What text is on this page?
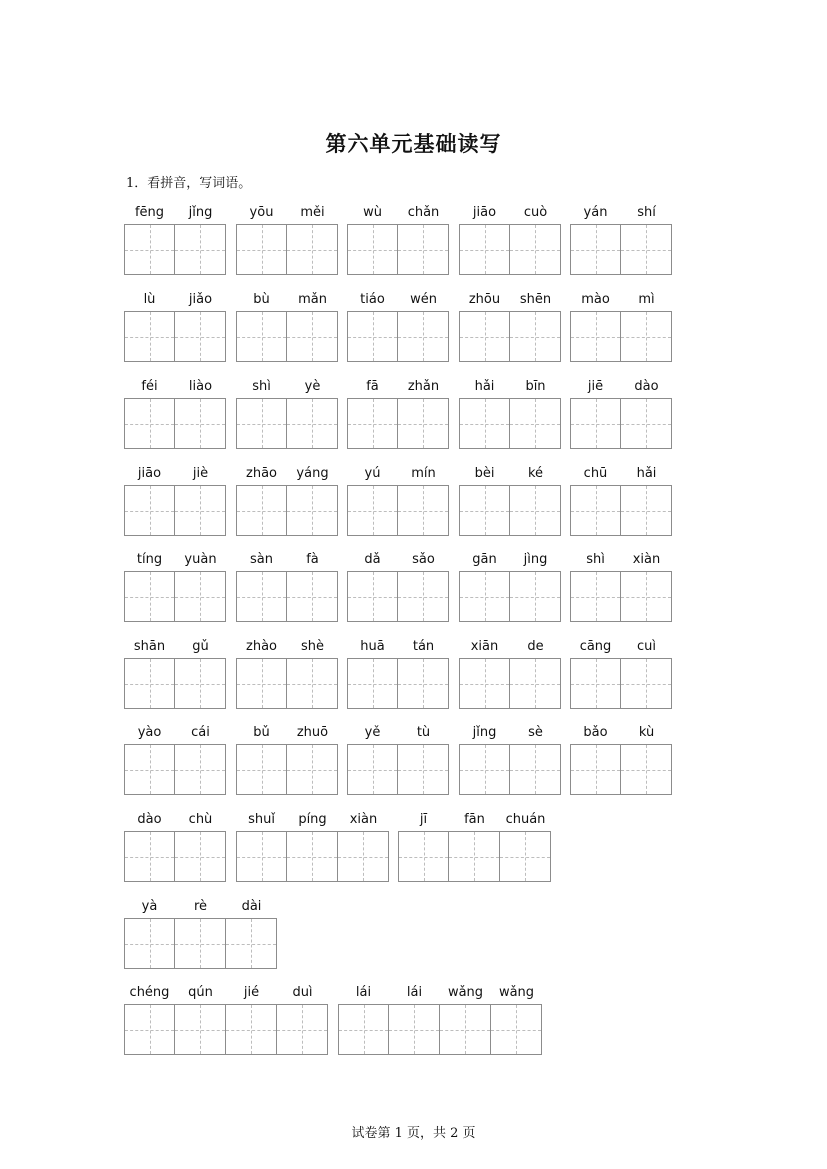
第六单元基础读写
1．看拼音，写词语。
fēng	jǐng	yōu	měi	wù	chǎn	jiāo	cuò	yán	shí
lù	jiǎo	bù	mǎn	tiáo	wén	zhōu	shēn	mào	mì
féi	liào	shì	yè	fā	zhǎn	hǎi	bīn	jiē	dào
jiāo	jiè	zhāo	yáng	yú	mín	bèi	ké	chū	hǎi
tíng	yuàn	sàn	fà	dǎ	sǎo	gān	jìng	shì	xiàn
shān	gǔ	zhào	shè	huā	tán	xiān	de	cāng	cuì
yào	cái	bǔ	zhuō	yě	tù	jǐng	sè	bǎo	kù
dào	chù	shuǐ	píng	xiàn	jī	fān	chuán
yà	rè	dài
chéng	qún	jié	duì	lái	lái	wǎng	wǎng
试卷第 1 页，共 2 页
